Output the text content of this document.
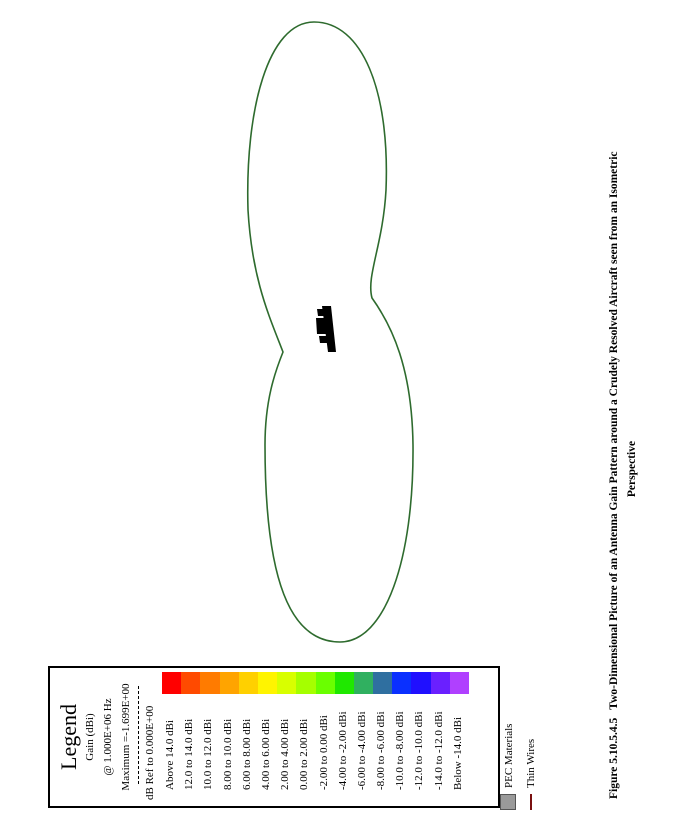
Legend Gain (dBi) @ 1.000E+06 Hz Maximum =-1.699E+00 dB Ref to 0.000E+00 Above 14.0 dBi 12.0 to 14.0 dBi 10.0 to 12.0 dBi 8.00 to 10.0 dBi 6.00 to 8.00 dBi 4.00 to 6.00 dBi 2.00 to 4.00 dBi 0.00 to 2.00 dBi -2.00 to 0.00 dBi -4.00 to -2.00 dBi -6.00 to -4.00 dBi -8.00 to -6.00 dBi -10.0 to -8.00 dBi -12.0 to -10.0 dBi -14.0 to -12.0 dBi Below -14.0 dBi	PEC Materials Thin Wires	Figure 5.10.5.4.5Two-Dimensional Picture of an Antenna Gain Pattern around a Crudely Resolved Aircraft seen from an Isometric Perspective
